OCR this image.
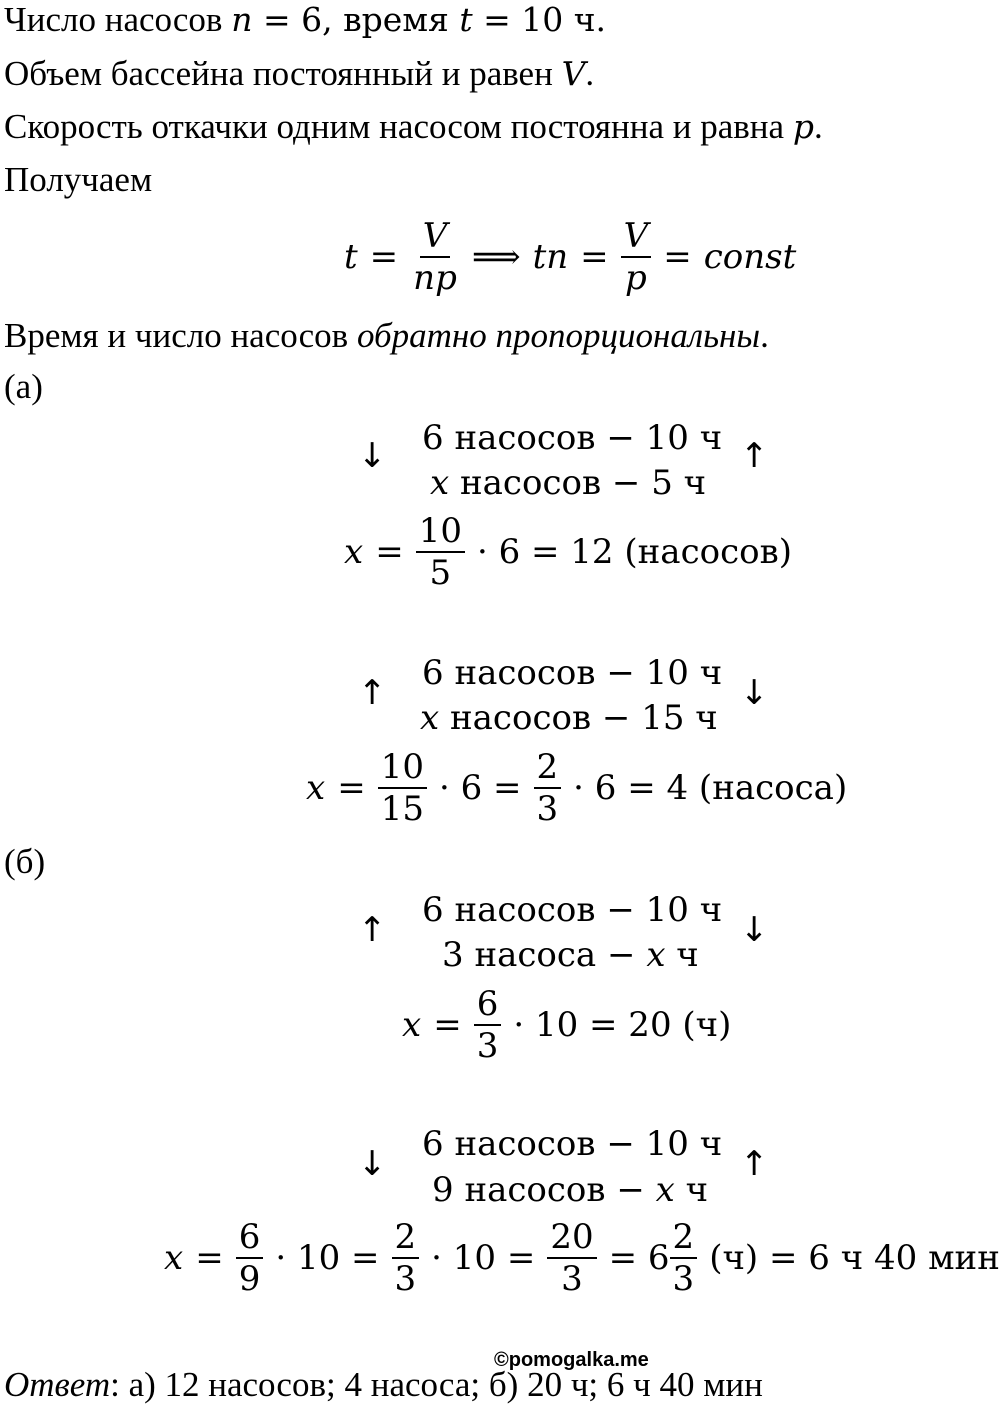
Число насосов n = 6, время t = 10 ч.
Объем бассейна постоянный и равен V.
Скорость откачки одним насосом постоянна и равна p.
Получаем
$t = \frac{V}{np}$ ⟹ tn = $\frac{V}{p}$ = const
Время и число насосов обратно пропорциональны.
(а)
↓	↑
6 насосов − 10 ч
x насосов − 5 ч
$x = \frac{10}{5} \cdot 6 = 12$ (насосов)
↑	↓
6 насосов − 10 ч
x насосов − 15 ч
$x = \frac{10}{15} \cdot 6 = \frac{2}{3} \cdot 6 = 4$ (насоса)
(б)
↑	↓
6 насосов − 10 ч
3 насоса − x ч
$x = \frac{6}{3} \cdot 10 = 20$ (ч)
↓	↑
6 насосов − 10 ч
9 насосов − x ч
$x = \frac{6}{9} \cdot 10 = \frac{2}{3} \cdot 10 = \frac{20}{3} = 6 \frac{2}{3} (ч) = 6$ ч 40 мин
©pomogalka.me
Ответ: а) 12 насосов; 4 насоса; б) 20 ч; 6 ч 40 мин
